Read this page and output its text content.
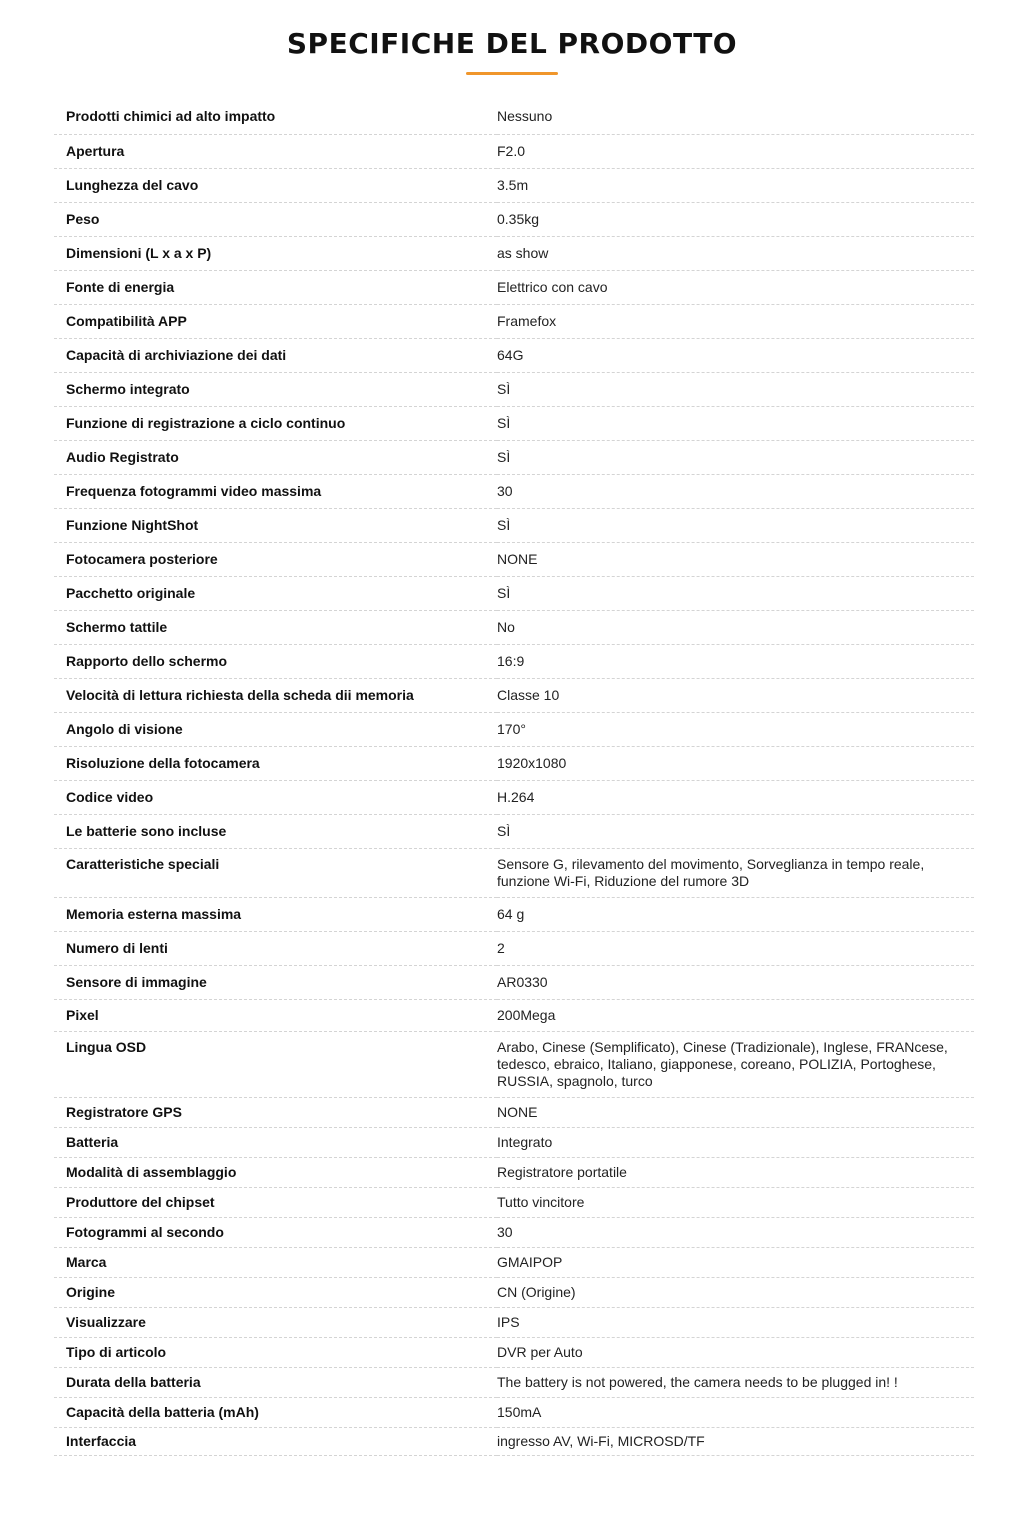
SPECIFICHE DEL PRODOTTO
Prodotti chimici ad alto impatto	Nessuno
Apertura	F2.0
Lunghezza del cavo	3.5m
Peso	0.35kg
Dimensioni (L x a x P)	as show
Fonte di energia	Elettrico con cavo
Compatibilità APP	Framefox
Capacità di archiviazione dei dati	64G
Schermo integrato	SÌ
Funzione di registrazione a ciclo continuo	SÌ
Audio Registrato	SÌ
Frequenza fotogrammi video massima	30
Funzione NightShot	SÌ
Fotocamera posteriore	NONE
Pacchetto originale	SÌ
Schermo tattile	No
Rapporto dello schermo	16:9
Velocità di lettura richiesta della scheda dii memoria	Classe 10
Angolo di visione	170°
Risoluzione della fotocamera	1920x1080
Codice video	H.264
Le batterie sono incluse	SÌ
Caratteristiche speciali	Sensore G, rilevamento del movimento, Sorveglianza in tempo reale, funzione Wi-Fi, Riduzione del rumore 3D
Memoria esterna massima	64 g
Numero di lenti	2
Sensore di immagine	AR0330
Pixel	200Mega
Lingua OSD	Arabo, Cinese (Semplificato), Cinese (Tradizionale), Inglese, FRANcese, tedesco, ebraico, Italiano, giapponese, coreano, POLIZIA, Portoghese, RUSSIA, spagnolo, turco
Registratore GPS	NONE
Batteria	Integrato
Modalità di assemblaggio	Registratore portatile
Produttore del chipset	Tutto vincitore
Fotogrammi al secondo	30
Marca	GMAIPOP
Origine	CN (Origine)
Visualizzare	IPS
Tipo di articolo	DVR per Auto
Durata della batteria	The battery is not powered, the camera needs to be plugged in! !
Capacità della batteria (mAh)	150mA
Interfaccia	ingresso AV, Wi-Fi, MICROSD/TF
